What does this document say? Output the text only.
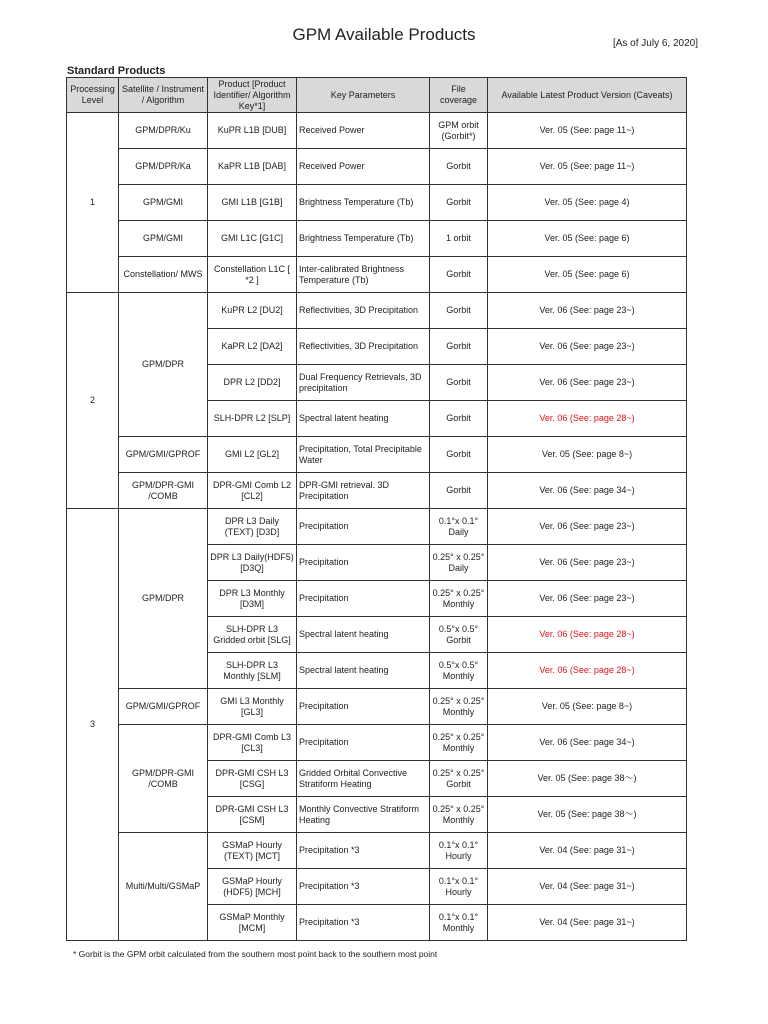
GPM Available Products	[As of July 6, 2020]
Standard Products
Processing Level	Satellite / Instrument / Algorithm	Product [Product Identifier/ Algorithm Key*1]	Key Parameters	File coverage	Available Latest Product Version (Caveats)
1	GPM/DPR/Ku	KuPR L1B [DUB]	Received Power	GPM orbit (Gorbit*)	Ver. 05 (See: page 11~)
	GPM/DPR/Ka	KaPR L1B [DAB]	Received Power	Gorbit	Ver. 05 (See: page 11~)
	GPM/GMI	GMI L1B [G1B]	Brightness Temperature (Tb)	Gorbit	Ver. 05 (See: page 4)
	GPM/GMI	GMI L1C [G1C]	Brightness Temperature (Tb)	1 orbit	Ver. 05 (See: page 6)
	Constellation/ MWS	Constellation L1C [ *2 ]	Inter-calibrated Brightness Temperature (Tb)	Gorbit	Ver. 05 (See: page 6)
2	GPM/DPR	KuPR L2 [DU2]	Reflectivities, 3D Precipitation	Gorbit	Ver. 06 (See: page 23~)
		KaPR L2 [DA2]	Reflectivities, 3D Precipitation	Gorbit	Ver. 06 (See: page 23~)
		DPR L2 [DD2]	Dual Frequency Retrievals, 3D precipitation	Gorbit	Ver. 06 (See: page 23~)
		SLH-DPR L2 [SLP]	Spectral latent heating	Gorbit	Ver. 06 (See: page 28~)
	GPM/GMI/GPROF	GMI L2 [GL2]	Precipitation, Total Precipitable Water	Gorbit	Ver. 05 (See: page 8~)
	GPM/DPR-GMI /COMB	DPR-GMI Comb L2 [CL2]	DPR-GMI retrieval. 3D Precipitation	Gorbit	Ver. 06 (See: page 34~)
3	GPM/DPR	DPR L3 Daily (TEXT) [D3D]	Precipitation	0.1°x 0.1° Daily	Ver. 06 (See: page 23~)
		DPR L3 Daily(HDF5) [D3Q]	Precipitation	0.25° x 0.25° Daily	Ver. 06 (See: page 23~)
		DPR L3 Monthly [D3M]	Precipitation	0.25° x 0.25° Monthly	Ver. 06 (See: page 23~)
		SLH-DPR L3 Gridded orbit [SLG]	Spectral latent heating	0.5°x 0.5° Gorbit	Ver. 06 (See: page 28~)
		SLH-DPR L3 Monthly [SLM]	Spectral latent heating	0.5°x 0.5° Monthly	Ver. 06 (See: page 28~)
	GPM/GMI/GPROF	GMI L3 Monthly [GL3]	Precipitation	0.25° x 0.25° Monthly	Ver. 05 (See: page 8~)
	GPM/DPR-GMI /COMB	DPR-GMI Comb L3 [CL3]	Precipitation	0.25° x 0.25° Monthly	Ver. 06 (See: page 34~)
		DPR-GMI CSH L3 [CSG]	Gridded Orbital Convective Stratiform Heating	0.25° x 0.25° Gorbit	Ver. 05 (See: page 38〜)
		DPR-GMI CSH L3 [CSM]	Monthly Convective Stratiform Heating	0.25° x 0.25° Monthly	Ver. 05 (See: page 38〜)
	Multi/Multi/GSMaP	GSMaP Hourly (TEXT) [MCT]	Precipitation *3	0.1°x 0.1° Hourly	Ver. 04 (See: page 31~)
		GSMaP Hourly (HDF5) [MCH]	Precipitation *3	0.1°x 0.1° Hourly	Ver. 04 (See: page 31~)
		GSMaP Monthly [MCM]	Precipitation *3	0.1°x 0.1° Monthly	Ver. 04 (See: page 31~)
* Gorbit is the GPM orbit calculated from the southern most point back to the southern most point
